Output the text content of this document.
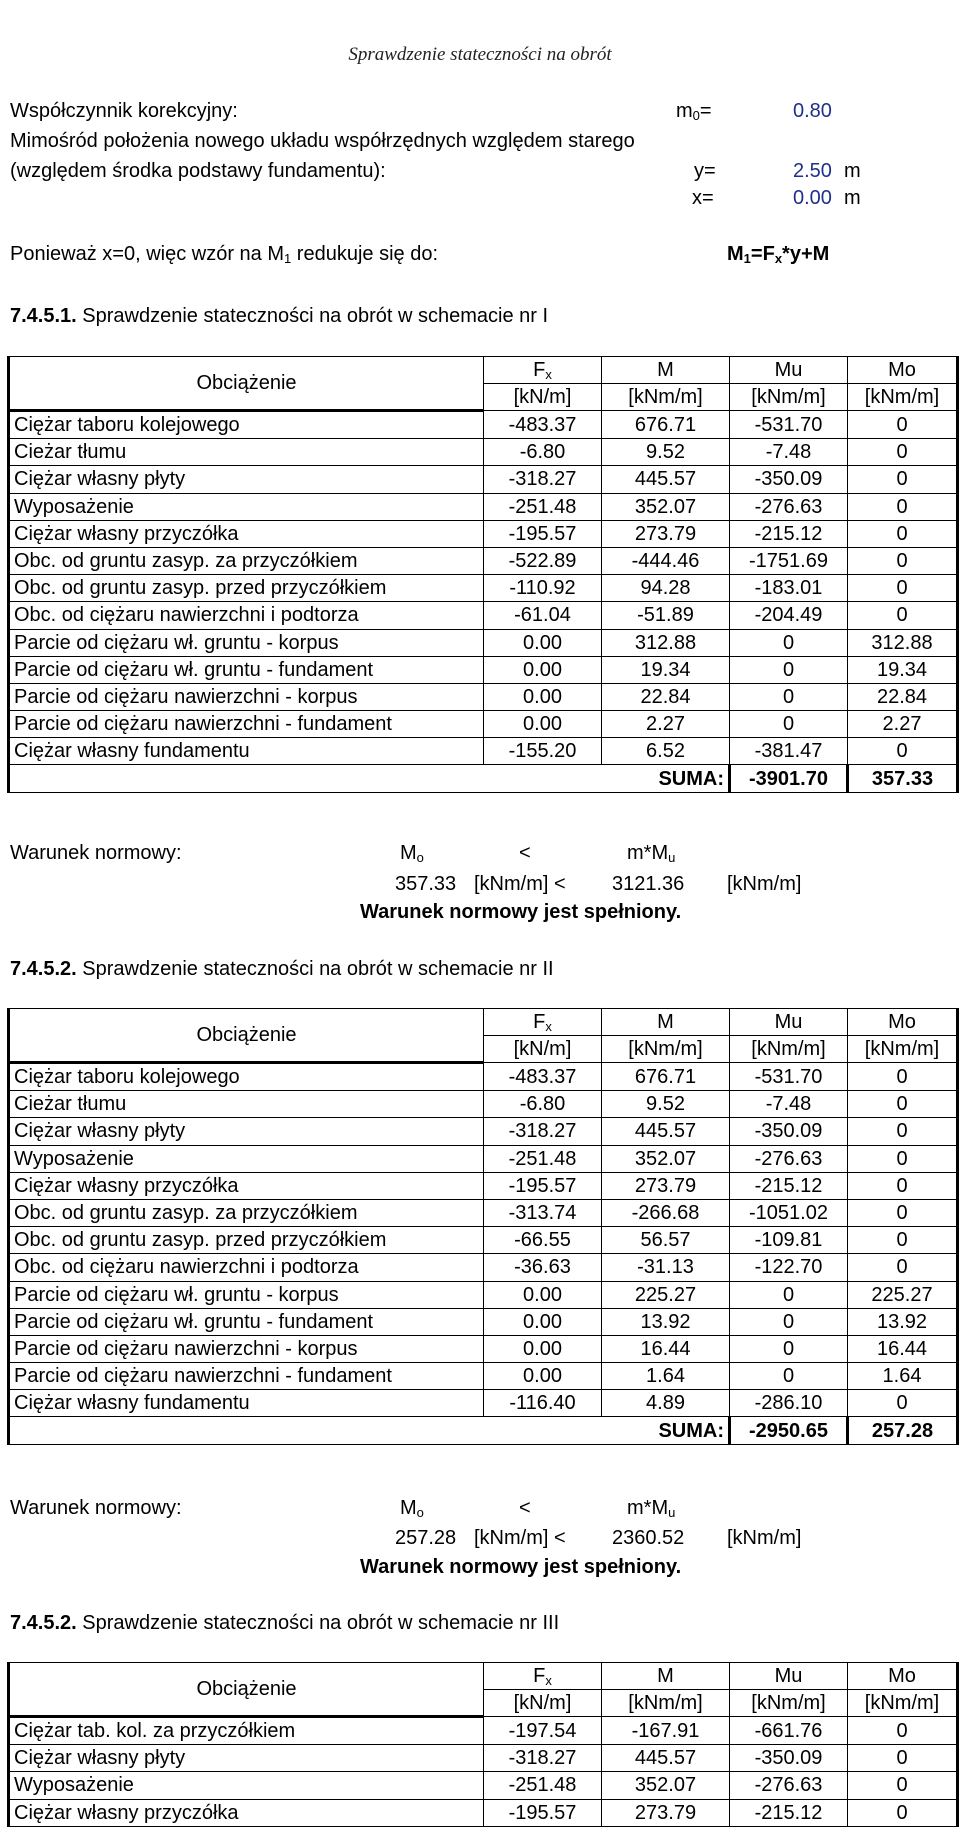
Sprawdzenie stateczności na obrót
Współczynnik korekcyjny:	$m_0=$	0.80
Mimośród położenia nowego układu współrzędnych względem starego
(względem środka podstawy fundamentu):	y=	2.50 m
x=	0.00 m
Ponieważ x=0, więc wzór na $M_1$ redukuje się do:	$M_1=F_x*y+M$
7.4.5.1. Sprawdzenie stateczności na obrót w schemacie nr I
Obciążenie	$F_x$	M	Mu	Mo
	[kN/m]	[kNm/m]	[kNm/m]	[kNm/m]
Ciężar taboru kolejowego	-483.37	676.71	-531.70	0
Cieżar tłumu	-6.80	9.52	-7.48	0
Ciężar własny płyty	-318.27	445.57	-350.09	0
Wyposażenie	-251.48	352.07	-276.63	0
Ciężar własny przyczółka	-195.57	273.79	-215.12	0
Obc. od gruntu zasyp. za przyczółkiem	-522.89	-444.46	-1751.69	0
Obc. od gruntu zasyp. przed przyczółkiem	-110.92	94.28	-183.01	0
Obc. od ciężaru nawierzchni i podtorza	-61.04	-51.89	-204.49	0
Parcie od ciężaru wł. gruntu - korpus	0.00	312.88	0	312.88
Parcie od ciężaru wł. gruntu - fundament	0.00	19.34	0	19.34
Parcie od ciężaru nawierzchni - korpus	0.00	22.84	0	22.84
Parcie od ciężaru nawierzchni - fundament	0.00	2.27	0	2.27
Ciężar własny fundamentu	-155.20	6.52	-381.47	0
SUMA:			-3901.70	357.33
Warunek normowy:	$M_o$	<	$m*M_u$
357.33 [kNm/m] < 3121.36 [kNm/m]
Warunek normowy jest spełniony.
7.4.5.2. Sprawdzenie stateczności na obrót w schemacie nr II
Obciążenie	$F_x$	M	Mu	Mo
	[kN/m]	[kNm/m]	[kNm/m]	[kNm/m]
Ciężar taboru kolejowego	-483.37	676.71	-531.70	0
Cieżar tłumu	-6.80	9.52	-7.48	0
Ciężar własny płyty	-318.27	445.57	-350.09	0
Wyposażenie	-251.48	352.07	-276.63	0
Ciężar własny przyczółka	-195.57	273.79	-215.12	0
Obc. od gruntu zasyp. za przyczółkiem	-313.74	-266.68	-1051.02	0
Obc. od gruntu zasyp. przed przyczółkiem	-66.55	56.57	-109.81	0
Obc. od ciężaru nawierzchni i podtorza	-36.63	-31.13	-122.70	0
Parcie od ciężaru wł. gruntu - korpus	0.00	225.27	0	225.27
Parcie od ciężaru wł. gruntu - fundament	0.00	13.92	0	13.92
Parcie od ciężaru nawierzchni - korpus	0.00	16.44	0	16.44
Parcie od ciężaru nawierzchni - fundament	0.00	1.64	0	1.64
Ciężar własny fundamentu	-116.40	4.89	-286.10	0
SUMA:			-2950.65	257.28
Warunek normowy:	$M_o$	<	$m*M_u$
257.28 [kNm/m] < 2360.52 [kNm/m]
Warunek normowy jest spełniony.
7.4.5.2. Sprawdzenie stateczności na obrót w schemacie nr III
Obciążenie	$F_x$	M	Mu	Mo
	[kN/m]	[kNm/m]	[kNm/m]	[kNm/m]
Ciężar tab. kol. za przyczółkiem	-197.54	-167.91	-661.76	0
Ciężar własny płyty	-318.27	445.57	-350.09	0
Wyposażenie	-251.48	352.07	-276.63	0
Ciężar własny przyczółka	-195.57	273.79	-215.12	0
